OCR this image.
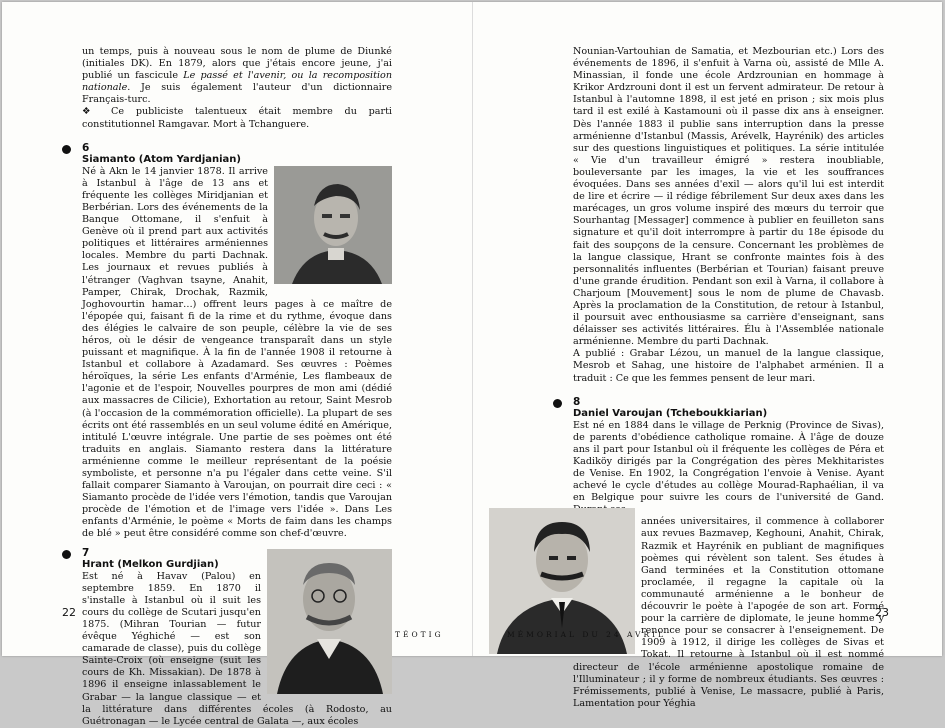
un temps, puis à nouveau sous le nom de plume de Diunké (initiales DK). En 1879, alors que j'étais encore jeune, j'ai publié un fascicule Le passé et l'avenir, ou la recomposition nationale. Je suis également l'auteur d'un dictionnaire Français-turc.

❖ Ce publiciste talentueux était membre du parti constitutionnel Ramgavar. Mort à Tchanguere.

6
Siamanto (Atom Yardjanian)

Né à Akn le 14 janvier 1878. Il arrive à Istanbul à l'âge de 13 ans et fréquente les collèges Miridjanian et Berbérian. Lors des événements de la Banque Ottomane, il s'enfuit à Genève où il prend part aux activités politiques et littéraires arméniennes locales. Membre du parti Dachnak. Les journaux et revues publiés à l'étranger (Vaghvan tsayne, Anahit, Pamper, Chirak, Drochak, Razmik, Joghovourtin hamar…) offrent leurs pages à ce maître de l'épopée qui, faisant fi de la rime et du rythme, évoque dans des élégies le calvaire de son peuple, célèbre la vie de ses héros, où le désir de vengeance transparaît dans un style puissant et magnifique. À la fin de l'année 1908 il retourne à Istanbul et collabore à Azadamard. Ses œuvres : Poèmes héroïques, la série Les enfants d'Arménie, Les flambeaux de l'agonie et de l'espoir, Nouvelles pourpres de mon ami (dédié aux massacres de Cilicie), Exhortation au retour, Saint Mesrob (à l'occasion de la commémoration officielle). La plupart de ses écrits ont été rassemblés en un seul volume édité en Amérique, intitulé L'œuvre intégrale. Une partie de ses poèmes ont été traduits en anglais. Siamanto restera dans la littérature arménienne comme le meilleur représentant de la poésie symboliste, et personne n'a pu l'égaler dans cette veine. S'il fallait comparer Siamanto à Varoujan, on pourrait dire ceci : « Siamanto procède de l'idée vers l'émotion, tandis que Varoujan procède de l'émotion et de l'image vers l'idée ». Dans Les enfants d'Arménie, le poème « Morts de faim dans les champs de blé » peut être considéré comme son chef-d'œuvre.

7
Hrant (Melkon Gurdjian)

Est né à Havav (Palou) en septembre 1859. En 1870 il s'installe à Istanbul où il suit les cours du collège de Scutari jusqu'en 1875. (Mihran Tourian — futur évêque Yéghiché — est son camarade de classe), puis du collège Sainte-Croix (où enseigne (suit les cours de Kh. Missakian). De 1878 à 1896 il enseigne inlassablement le Grabar — la langue classique — et la littérature dans différentes écoles (à Rodosto, au Guétronagan — le Lycée central de Galata —, aux écoles

Nounian-Vartouhian de Samatia, et Mezbourian etc.) Lors des événements de 1896, il s'enfuit à Varna où, assisté de Mlle A. Minassian, il fonde une école Ardzrounian en hommage à Krikor Ardzrouni dont il est un fervent admirateur. De retour à Istanbul à l'automne 1898, il est jeté en prison ; six mois plus tard il est exilé à Kastamouni où il passe dix ans à enseigner. Dès l'année 1883 il publie sans interruption dans la presse arménienne d'Istanbul (Massis, Arévelk, Hayrénik) des articles sur des questions linguistiques et politiques. La série intitulée « Vie d'un travailleur émigré » restera inoubliable, bouleversante par les images, la vie et les souffrances évoquées. Dans ses années d'exil — alors qu'il lui est interdit de lire et écrire — il rédige fébrilement Sur deux axes dans les marécages, un gros volume inspiré des mœurs du terroir que Sourhantag [Messager] commence à publier en feuilleton sans signature et qu'il doit interrompre à partir du 18e épisode du fait des soupçons de la censure. Concernant les problèmes de la langue classique, Hrant se confronte maintes fois à des personnalités influentes (Berbérian et Tourian) faisant preuve d'une grande érudition. Pendant son exil à Varna, il collabore à Charjoum [Mouvement] sous le nom de plume de Chavasb. Après la proclamation de la Constitution, de retour à Istanbul, il poursuit avec enthousiasme sa carrière d'enseignant, sans délaisser ses activités littéraires. Élu à l'Assemblée nationale arménienne. Membre du parti Dachnak.

A publié : Grabar Lézou, un manuel de la langue classique, Mesrob et Sahag, une histoire de l'alphabet arménien. Il a traduit : Ce que les femmes pensent de leur mari.

8
Daniel Varoujan (Tcheboukkiarian)

Est né en 1884 dans le village de Perknig (Province de Sivas), de parents d'obédience catholique romaine. À l'âge de douze ans il part pour Istanbul où il fréquente les collèges de Péra et Kadiköy dirigés par la Congrégation des pères Mekhitaristes de Venise. En 1902, la Congrégation l'envoie à Venise. Ayant achevé le cycle d'études au collège Mourad-Raphaélian, il va en Belgique pour suivre les cours de l'université de Gand.

années universitaires, il commence à collaborer aux revues Bazmavep, Keghouni, Anahit, Chirak, Razmik et Hayrénik en publiant de magnifiques poèmes qui révèlent son talent. Ses études à Gand terminées et la Constitution ottomane proclamée, il regagne la capitale où la communauté arménienne a le bonheur de découvrir le poète à l'apogée de son art. Formé pour la carrière de diplomate, le jeune homme y renonce pour se consacrer à l'enseignement. De 1909 à 1912, il dirige les collèges de Sivas et Tokat. Il retourne à Istanbul où il est nommé directeur de l'école arménienne apostolique romaine de l'Illuminateur ; il y forme de nombreux étudiants. Ses œuvres : Frémissements, publié à Venise, Le massacre, publié à Paris, Lamentation pour Yéghia

22	23
TÉOTIG	MÉMORIAL DU 24 AVRIL
